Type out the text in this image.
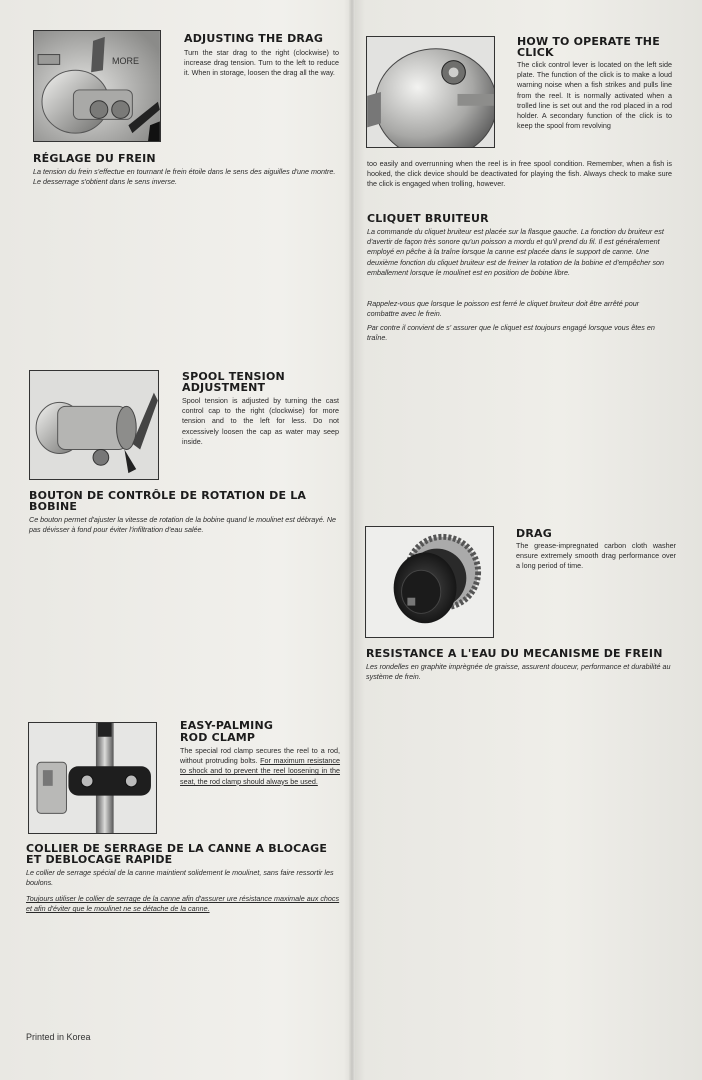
MORE
ADJUSTING THE DRAG

Turn the star drag to the right (clockwise) to increase drag tension. Turn to the left to reduce it. When in storage, loosen the drag all the way.

RÉGLAGE DU FREIN

La tension du frein s'effectue en tournant le frein étoile dans le sens des aiguilles d'une montre. Le desserrage s'obtient dans le sens inverse.

SPOOL TENSION
ADJUSTMENT

Spool tension is adjusted by turning the cast control cap to the right (clockwise) for more tension and to the left for less. Do not excessively loosen the cap as water may seep inside.

BOUTON DE CONTRÔLE DE ROTATION DE LA
BOBINE

Ce bouton permet d'ajuster la vitesse de rotation de la bobine quand le moulinet est débrayé. Ne pas dévisser à fond pour éviter l'infiltration d'eau salée.

EASY-PALMING
ROD CLAMP

The special rod clamp secures the reel to a rod, without protruding bolts. For maximum resistance to shock and to prevent the reel loosening in the seat, the rod clamp should always be used.

COLLIER DE SERRAGE DE LA CANNE A BLOCAGE
ET DEBLOCAGE RAPIDE

Le collier de serrage spécial de la canne maintient solidement le moulinet, sans faire ressortir les boulons.

Toujours utiliser le collier de serrage de la canne afin d'assurer ure résistance maximale aux chocs et afin d'éviter que le moulinet ne se détache de la canne.

Printed in Korea

HOW TO OPERATE THE
CLICK

The click control lever is located on the left side plate. The function of the click is to make a loud warning noise when a fish strikes and pulls line from the reel. It is normally activated when a trolled line is set out and the rod placed in a rod holder. A secondary function of the click is to keep the spool from revolving

too easily and overrunning when the reel is in free spool condition. Remember, when a fish is hooked, the click device should be deactivated for playing the fish. Always check to make sure the click is engaged when trolling, however.

CLIQUET BRUITEUR

La commande du cliquet bruiteur est placée sur la flasque gauche. La fonction du bruiteur est d'avertir de façon très sonore qu'un poisson a mordu et qu'il prend du fil. Il est généralement employé en pêche à la traîne lorsque la canne est placée dans le support de canne. Une deuxième fonction du cliquet bruiteur est de freiner la rotation de la bobine et d'empêcher son emballement lorsque le moulinet est en position de bobine libre.

Rappelez-vous que lorsque le poisson est ferré le cliquet bruiteur doit être arrêté pour combattre avec le frein.

Par contre il convient de s' assurer que le cliquet est toujours engagé lorsque vous êtes en traîne.

DRAG

The grease-impregnated carbon cloth washer ensure extremely smooth drag performance over a long period of time.

RESISTANCE A L'EAU DU MECANISME DE FREIN

Les rondelles en graphite imprègnée de graisse, assurent douceur, performance et durabilité au système de frein.
